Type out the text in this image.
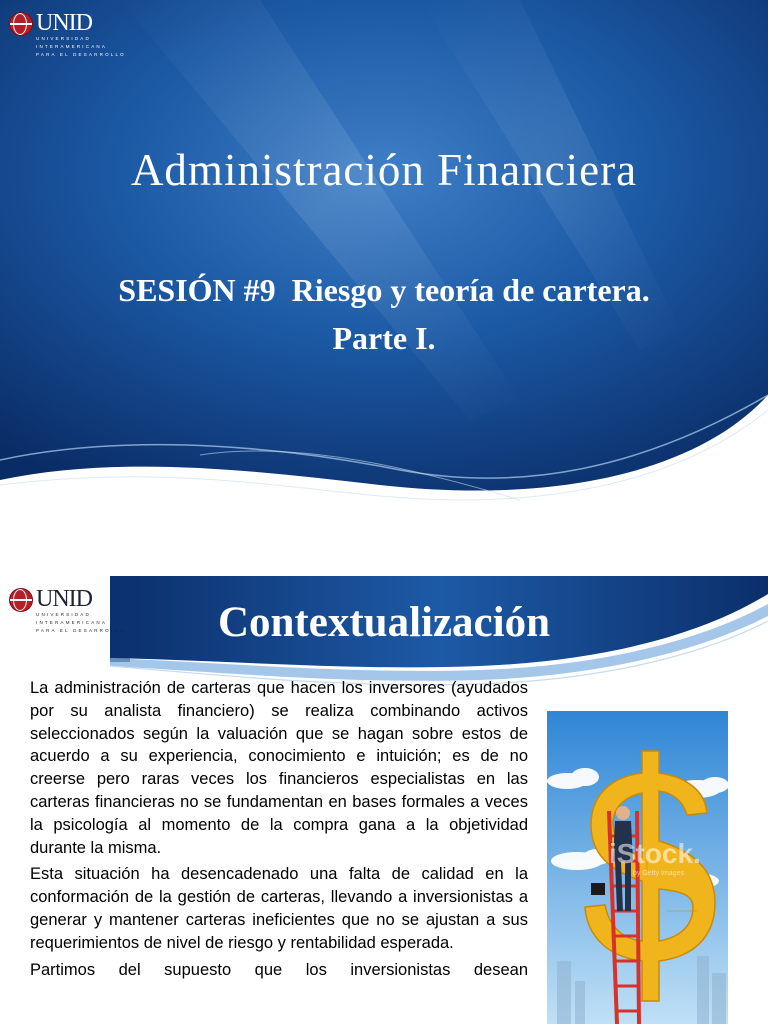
UNID
UNIVERSIDAD
INTERAMERICANA
PARA EL DESARROLLO
Administración Financiera
SESIÓN #9  Riesgo y teoría de cartera.
Parte I.
UNID
UNIVERSIDAD
INTERAMERICANA
PARA EL DESARROLLO	Contextualización

La administración de carteras que hacen los inversores (ayudados por su analista financiero) se realiza combinando activos seleccionados según la valuación que se hagan sobre estos de acuerdo a su experiencia, conocimiento e intuición; es de no creerse pero raras veces los financieros especialistas en las carteras financieras no se fundamentan en bases formales a veces la psicología al momento de la compra gana a la objetividad durante la misma.

Esta situación ha desencadenado una falta de calidad en la conformación de la gestión de carteras, llevando a inversionistas a generar y mantener carteras ineficientes que no se ajustan a sus requerimientos de nivel de riesgo y rentabilidad esperada.

Partimos del supuesto que los inversionistas desean

iStock.
by Getty Images
